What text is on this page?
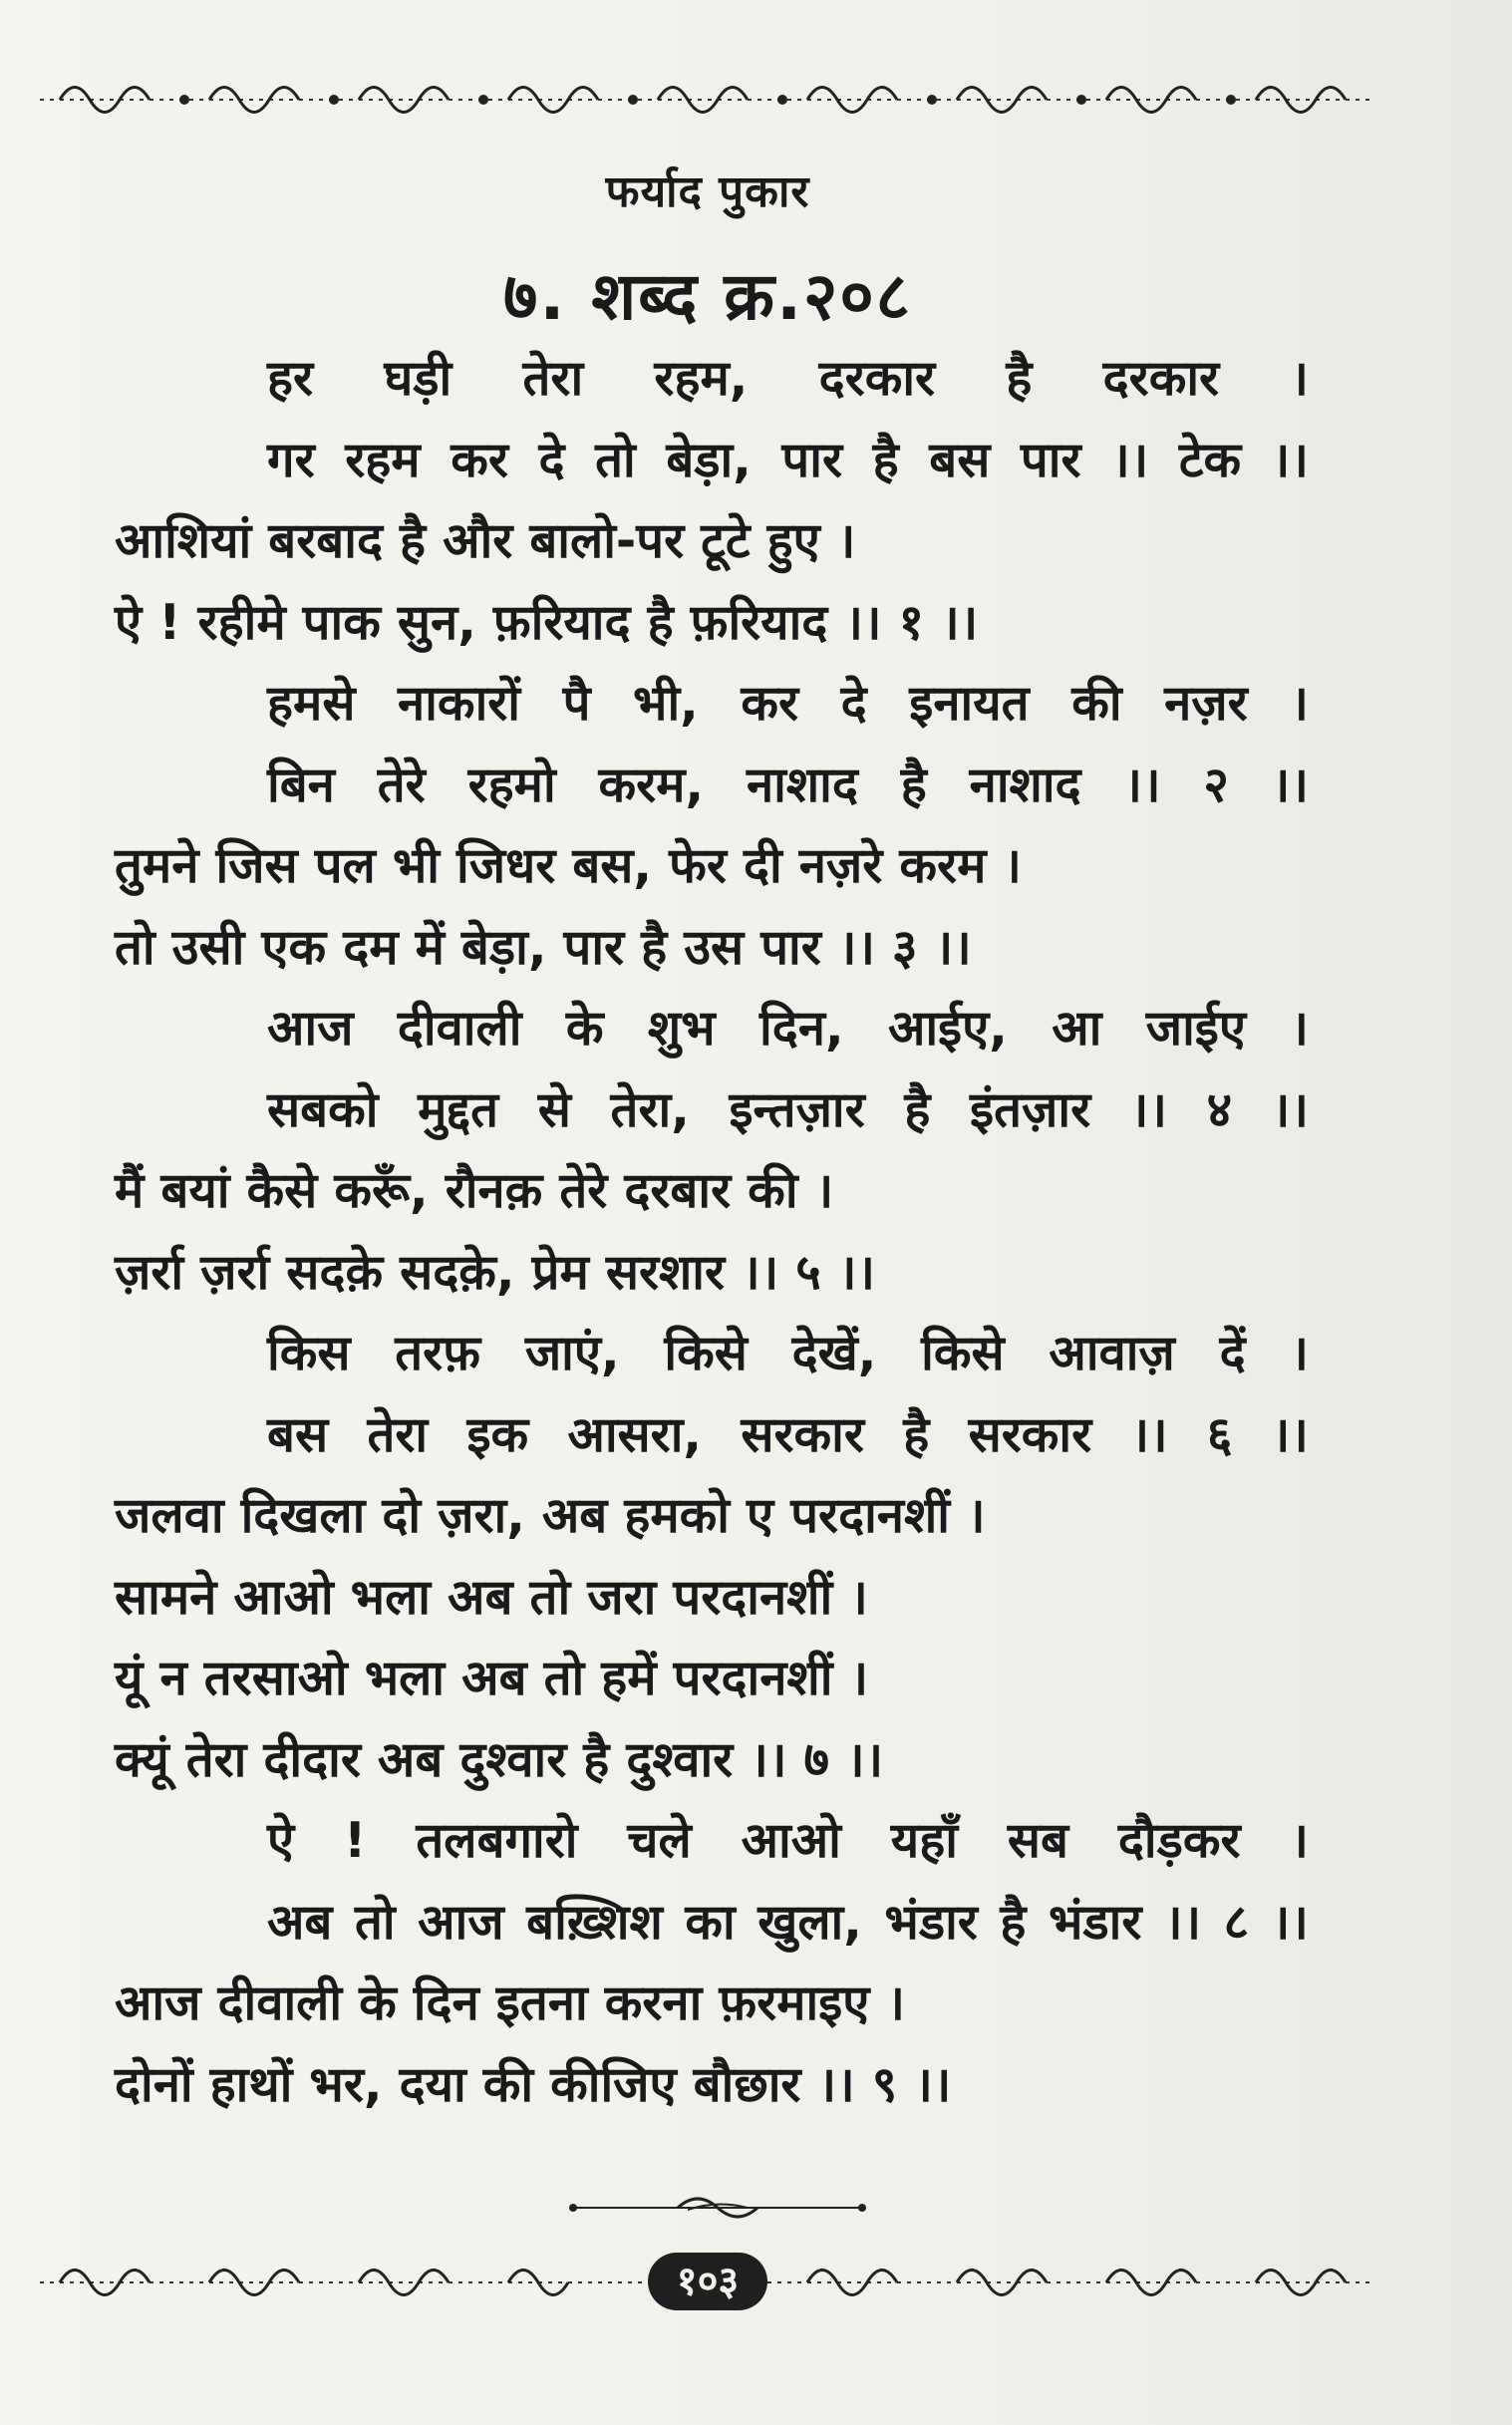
फर्याद पुकार
७. शब्द क्र.२०८
हर घड़ी तेरा रहम, दरकार है दरकार ।
गर रहम कर दे तो बेड़ा, पार है बस पार ।। टेक ।।
आशियां बरबाद है और बालो-पर टूटे हुए ।
ऐ ! रहीमे पाक सुन, फ़रियाद है फ़रियाद ।। १ ।।
हमसे नाकारों पै भी, कर दे इनायत की नज़र ।
बिन तेरे रहमो करम, नाशाद है नाशाद ।। २ ।।
तुमने जिस पल भी जिधर बस, फेर दी नज़रे करम ।
तो उसी एक दम में बेड़ा, पार है उस पार ।। ३ ।।
आज दीवाली के शुभ दिन, आईए, आ जाईए ।
सबको मुद्दत से तेरा, इन्तज़ार है इंतज़ार ।। ४ ।।
मैं बयां कैसे करूँ, रौनक़ तेरे दरबार की ।
ज़र्रा ज़र्रा सदक़े सदक़े, प्रेम सरशार ।। ५ ।।
किस तरफ़ जाएं, किसे देखें, किसे आवाज़ दें ।
बस तेरा इक आसरा, सरकार है सरकार ।। ६ ।।
जलवा दिखला दो ज़रा, अब हमको ए परदानशीं ।
सामने आओ भला अब तो जरा परदानशीं ।
यूं न तरसाओ भला अब तो हमें परदानशीं ।
क्यूं तेरा दीदार अब दुश्वार है दुश्वार ।। ७ ।।
ऐ ! तलबगारो चले आओ यहाँ सब दौड़कर ।
अब तो आज बख़्शिश का खुला, भंडार है भंडार ।। ८ ।।
आज दीवाली के दिन इतना करना फ़रमाइए ।
दोनों हाथों भर, दया की कीजिए बौछार ।। ९ ।।
१०३
